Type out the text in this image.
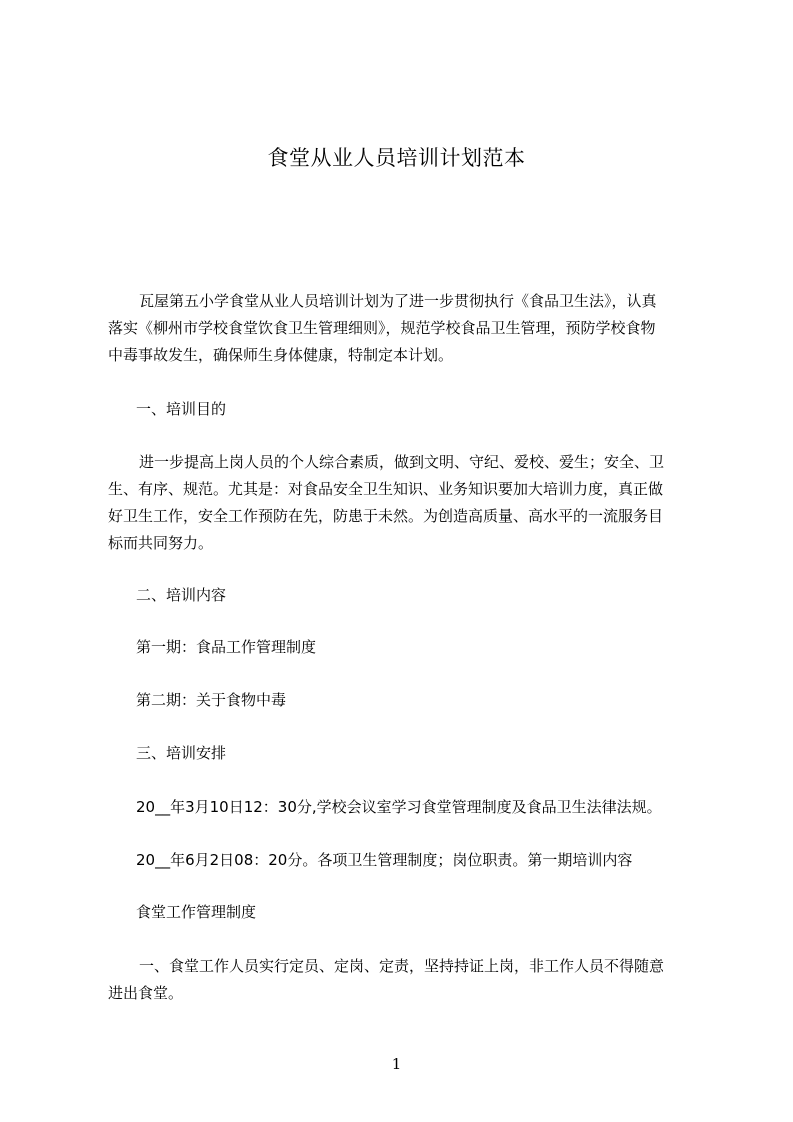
食堂从业人员培训计划范本
瓦屋第五小学食堂从业人员培训计划为了进一步贯彻执行《食品卫生法》，认真
落实《柳州市学校食堂饮食卫生管理细则》，规范学校食品卫生管理，预防学校食物
中毒事故发生，确保师生身体健康，特制定本计划。
一、培训目的
进一步提高上岗人员的个人综合素质，做到文明、守纪、爱校、爱生；安全、卫
生、有序、规范。尤其是：对食品安全卫生知识、业务知识要加大培训力度，真正做
好卫生工作，安全工作预防在先，防患于未然。为创造高质量、高水平的一流服务目
标而共同努力。
二、培训内容
第一期：食品工作管理制度
第二期：关于食物中毒
三、培训安排
20__年3月10日12：30分,学校会议室学习食堂管理制度及食品卫生法律法规。
20__年6月2日08：20分。各项卫生管理制度；岗位职责。第一期培训内容
食堂工作管理制度
一、食堂工作人员实行定员、定岗、定责，坚持持证上岗，非工作人员不得随意
进出食堂。
1
